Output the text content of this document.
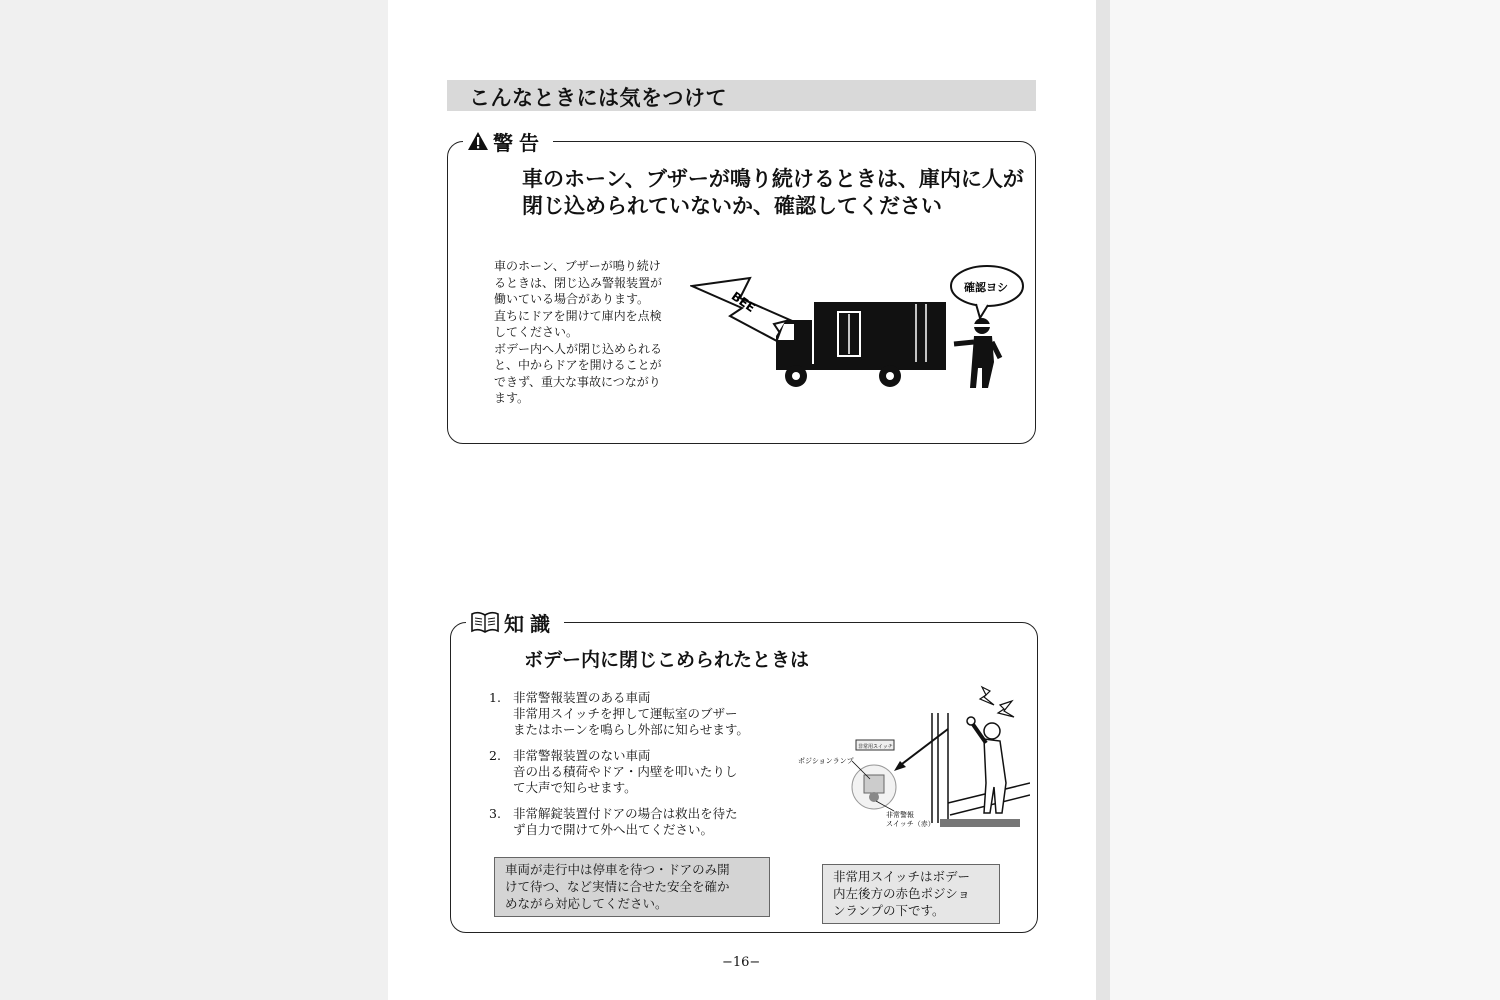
こんなときには気をつけて
警告
車のホーン、ブザーが鳴り続けるときは、庫内に人が
閉じ込められていないか、確認してください
車のホーン、ブザーが鳴り続け
るときは、閉じ込み警報装置が
働いている場合があります。
直ちにドアを開けて庫内を点検
してください。
ボデー内へ人が閉じ込められる
と、中からドアを開けることが
できず、重大な事故につながり
ます。
BEE
確認ヨシ
知識
ボデー内に閉じこめられたときは
1. 非常警報装置のある車両
非常用スイッチを押して運転室のブザー
またはホーンを鳴らし外部に知らせます。
2. 非常警報装置のない車両
音の出る積荷やドア・内壁を叩いたりし
て大声で知らせます。
3. 非常解錠装置付ドアの場合は救出を待た
ず自力で開けて外へ出てください。
車両が走行中は停車を待つ・ドアのみ開
けて待つ、など実情に合せた安全を確か
めながら対応してください。
非常用スイッチ
ポジションランプ
非常警報
スイッチ（赤）
非常用スイッチはボデー
内左後方の赤色ポジショ
ンランプの下です。
−16−
